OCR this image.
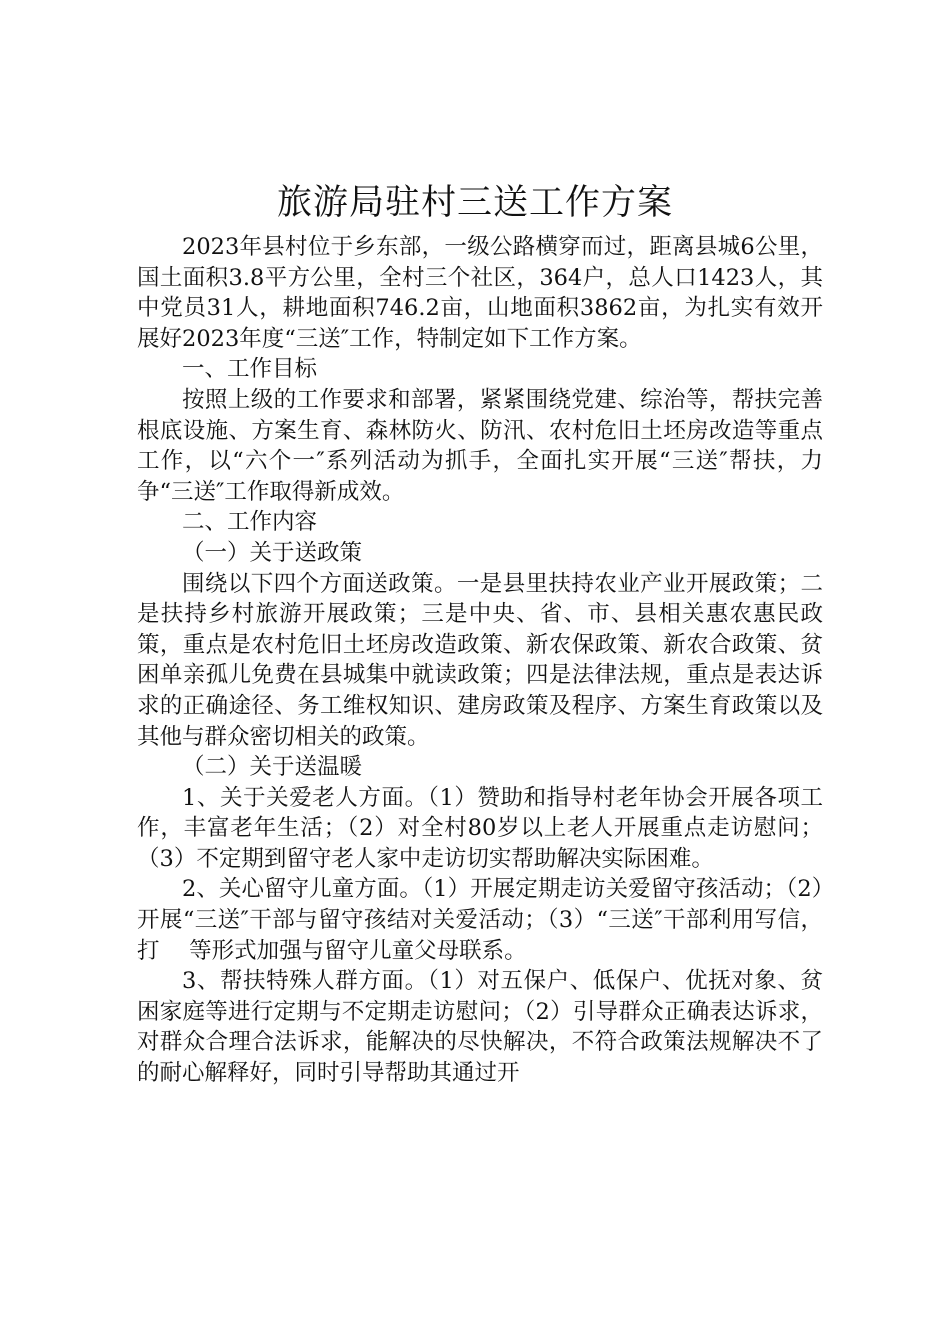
旅游局驻村三送工作方案

2023年县村位于乡东部，一级公路横穿而过，距离县城6公里，国土面积3.8平方公里，全村三个社区，364户，总人口1423人，其中党员31人，耕地面积746.2亩，山地面积3862亩，为扎实有效开展好2023年度“三送″工作，特制定如下工作方案。

一、工作目标

按照上级的工作要求和部署，紧紧围绕党建、综治等，帮扶完善根底设施、方案生育、森林防火、防汛、农村危旧土坯房改造等重点工作，以“六个一″系列活动为抓手，全面扎实开展“三送″帮扶，力争“三送″工作取得新成效。

二、工作内容

（一）关于送政策

围绕以下四个方面送政策。一是县里扶持农业产业开展政策；二是扶持乡村旅游开展政策；三是中央、省、市、县相关惠农惠民政策，重点是农村危旧土坯房改造政策、新农保政策、新农合政策、贫困单亲孤儿免费在县城集中就读政策；四是法律法规，重点是表达诉求的正确途径、务工维权知识、建房政策及程序、方案生育政策以及其他与群众密切相关的政策。

（二）关于送温暖

1、关于关爱老人方面。（1）赞助和指导村老年协会开展各项工作，丰富老年生活；（2）对全村80岁以上老人开展重点走访慰问；（3）不定期到留守老人家中走访切实帮助解决实际困难。

2、关心留守儿童方面。（1）开展定期走访关爱留守孩活动；（2）开展“三送″干部与留守孩结对关爱活动；（3）“三送″干部利用写信，打　 等形式加强与留守儿童父母联系。

3、帮扶特殊人群方面。（1）对五保户、低保户、优抚对象、贫困家庭等进行定期与不定期走访慰问；（2）引导群众正确表达诉求，对群众合理合法诉求，能解决的尽快解决，不符合政策法规解决不了的耐心解释好，同时引导帮助其通过开
